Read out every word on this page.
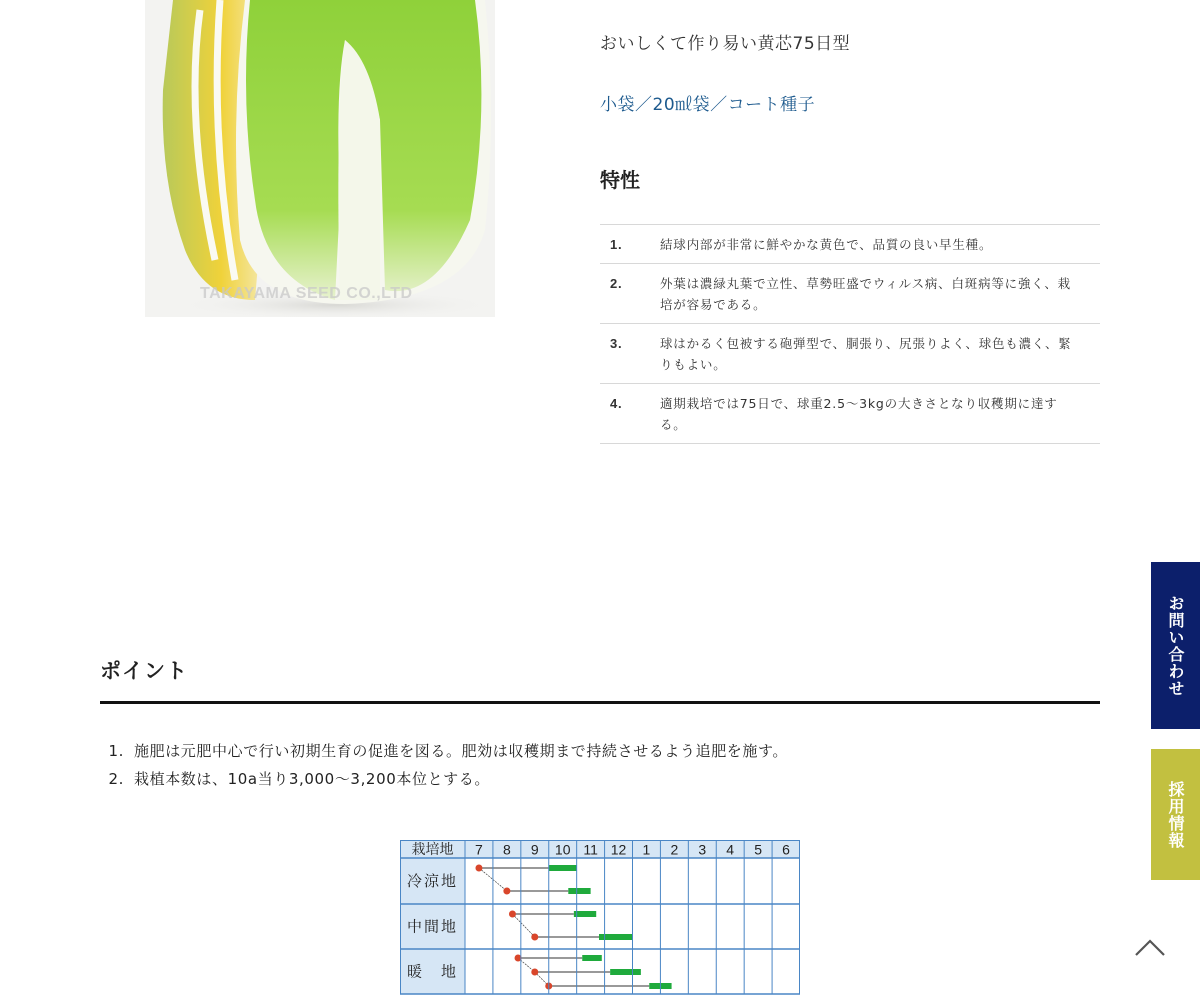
TAKAYAMA SEED CO.,LTD
おいしくて作り易い黄芯75日型
小袋／20㎖袋／コート種子
特性
1.	結球内部が非常に鮮やかな黄色で、品質の良い早生種。
2.	外葉は濃緑丸葉で立性、草勢旺盛でウィルス病、白斑病等に強く、栽培が容易である。
3.	球はかるく包被する砲弾型で、胴張り、尻張りよく、球色も濃く、緊りもよい。
4.	適期栽培では75日で、球重2.5〜3kgの大きさとなり収穫期に達する。
ポイント
1. 施肥は元肥中心で行い初期生育の促進を図る。肥効は収穫期まで持続させるよう追肥を施す。
2. 栽植本数は、10a当り3,000〜3,200本位とする。
栽培地 7 8 9 10 11 12 1 2 3 4 5 6
冷涼地
中間地
暖　地
お問い合わせ
採用情報
